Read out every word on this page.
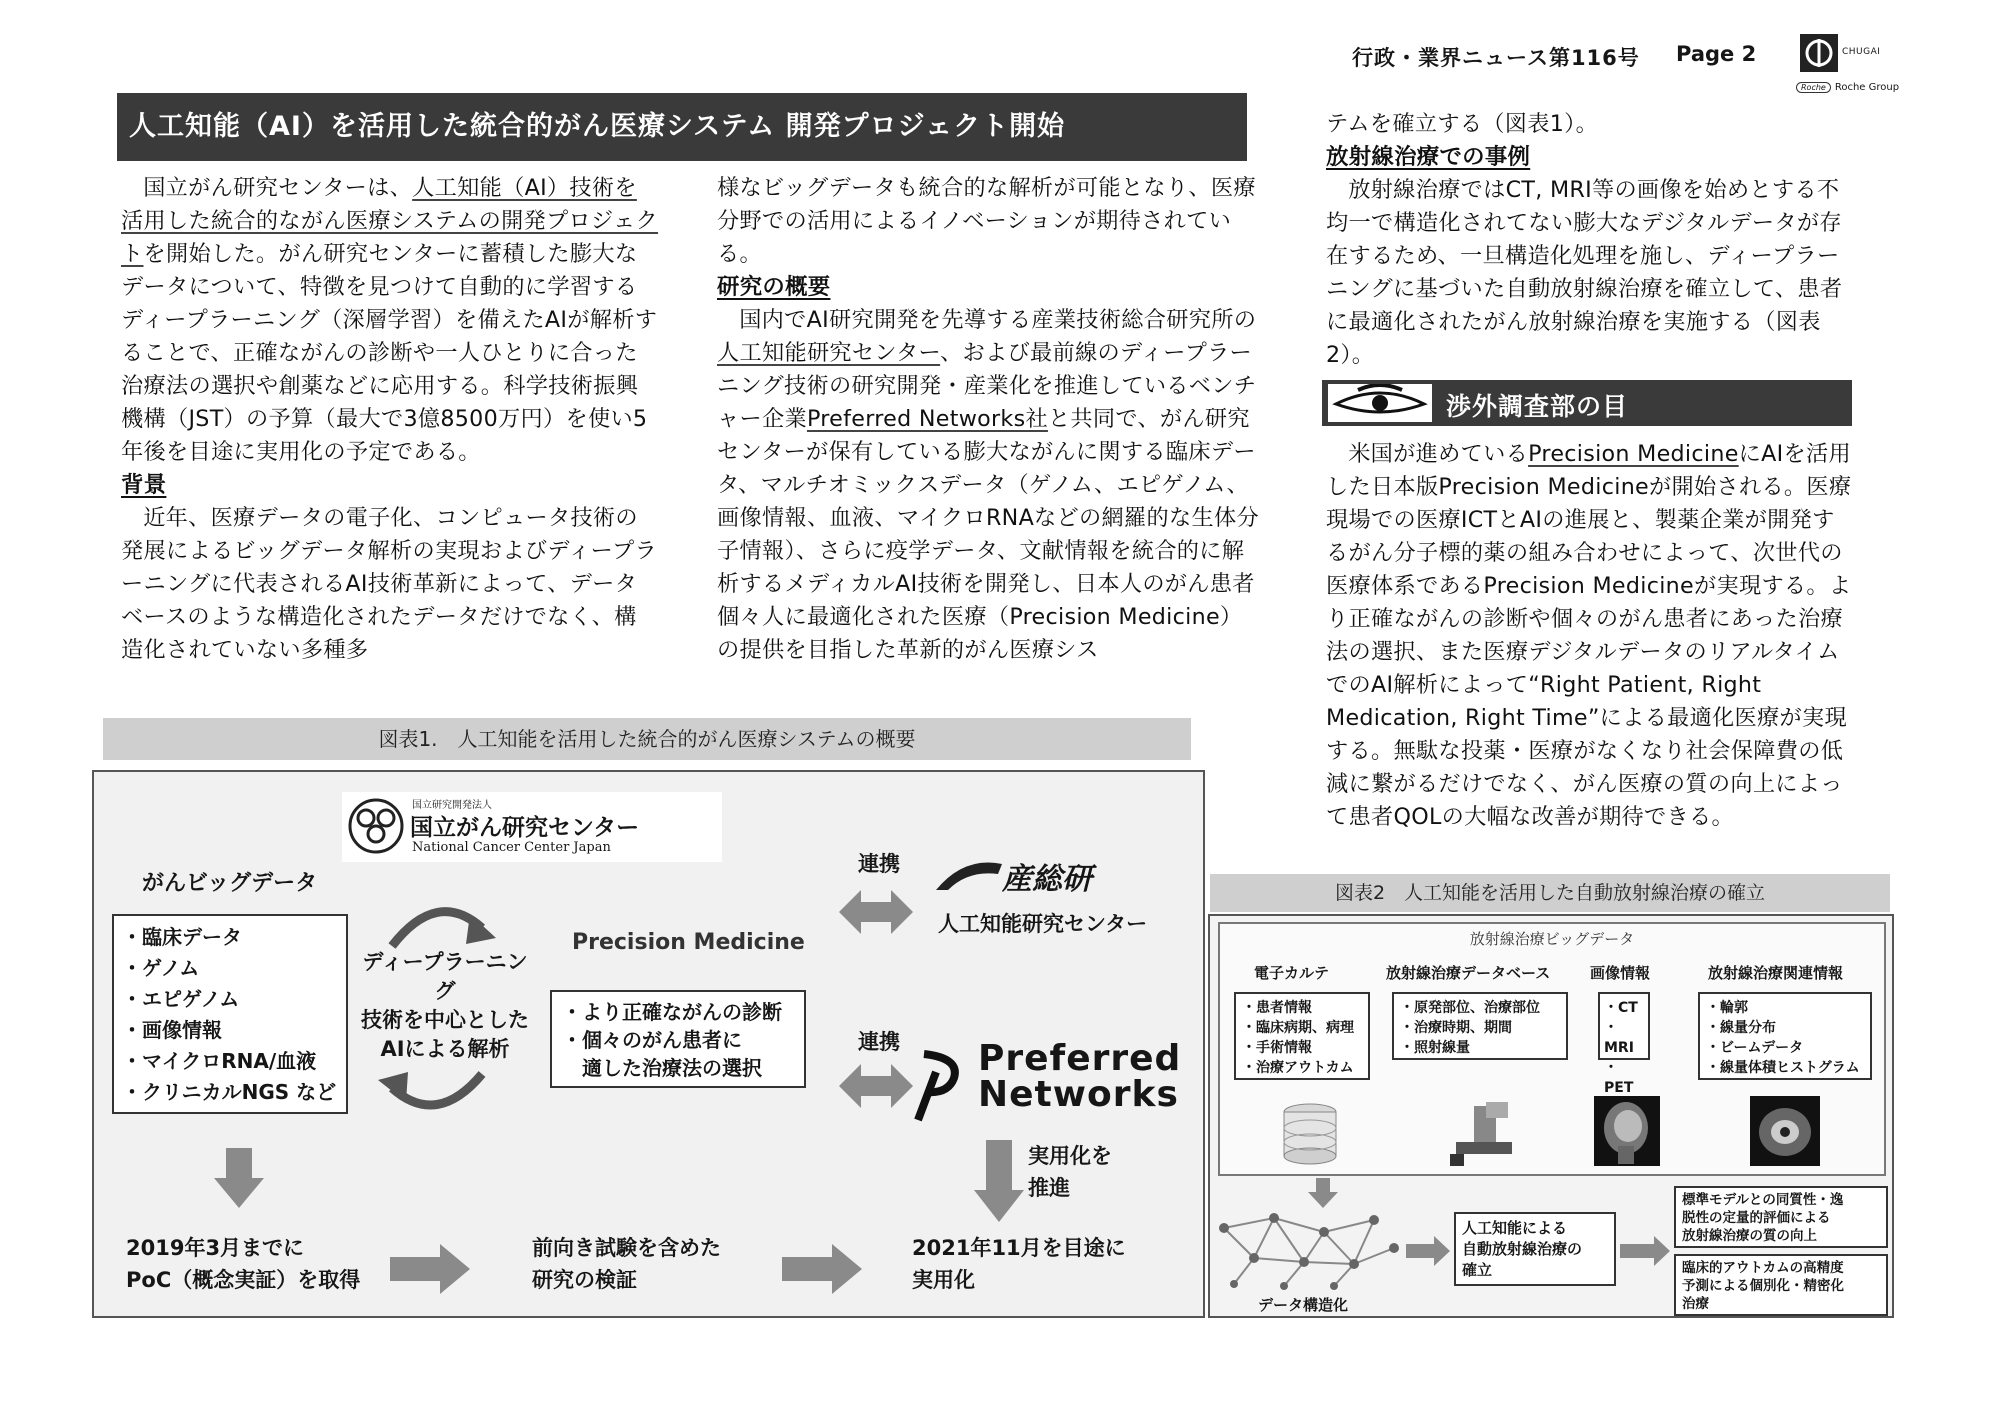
行政・業界ニュース第116号 Page 2	CHUGAI
Roche Roche Group
人工知能（AI）を活用した統合的がん医療システム 開発プロジェクト開始

国立がん研究センターは、人工知能（AI）技術を活用した統合的ながん医療システムの開発プロジェクトを開始した。がん研究センターに蓄積した膨大なデータについて、特徴を見つけて自動的に学習するディープラーニング（深層学習）を備えたAIが解析することで、正確ながんの診断や一人ひとりに合った治療法の選択や創薬などに応用する。科学技術振興機構（JST）の予算（最大で3億8500万円）を使い5年後を目途に実用化の予定である。

背景

近年、医療データの電子化、コンピュータ技術の発展によるビッグデータ解析の実現およびディープラーニングに代表されるAI技術革新によって、データベースのような構造化されたデータだけでなく、構造化されていない多種多

様なビッグデータも統合的な解析が可能となり、医療分野での活用によるイノベーションが期待されている。
研究の概要

国内でAI研究開発を先導する産業技術総合研究所の人工知能研究センター、および最前線のディープラーニング技術の研究開発・産業化を推進しているベンチャー企業Preferred Networks社と共同で、がん研究センターが保有している膨大ながんに関する臨床データ、マルチオミックスデータ（ゲノム、エピゲノム、画像情報、血液、マイクロRNAなどの網羅的な生体分子情報）、さらに疫学データ、文献情報を統合的に解析するメディカルAI技術を開発し、日本人のがん患者個々人に最適化された医療（Precision Medicine）の提供を目指した革新的がん医療シス

テムを確立する（図表1）。
放射線治療での事例

放射線治療ではCT, MRI等の画像を始めとする不均一で構造化されてない膨大なデジタルデータが存在するため、一旦構造化処理を施し、ディープラーニングに基づいた自動放射線治療を確立して、患者に最適化されたがん放射線治療を実施する（図表2）。

渉外調査部の目

米国が進めているPrecision MedicineにAIを活用した日本版Precision Medicineが開始される。医療現場での医療ICTとAIの進展と、製薬企業が開発するがん分子標的薬の組み合わせによって、次世代の医療体系であるPrecision Medicineが実現する。より正確ながんの診断や個々のがん患者にあった治療法の選択、また医療デジタルデータのリアルタイムでのAI解析によって“Right Patient, Right Medication, Right Time”による最適化医療が実現する。無駄な投薬・医療がなくなり社会保障費の低減に繋がるだけでなく、がん医療の質の向上によって患者QOLの大幅な改善が期待できる。

図表1.　人工知能を活用した統合的がん医療システムの概要
国立研究開発法人
国立がん研究センター
National Cancer Center Japan
がんビッグデータ
・臨床データ
・ゲノム
・エピゲノム
・画像情報
・マイクロRNA/血液
・クリニカルNGS など
ディープラーニング
技術を中心とした
AIによる解析
Precision Medicine
・より正確ながんの診断
・個々のがん患者に
　適した治療法の選択
連携
連携
産総研
人工知能研究センター
Preferred
Networks
実用化を
推進
2019年3月までに
PoC（概念実証）を取得
前向き試験を含めた
研究の検証
2021年11月を目途に
実用化
図表2　人工知能を活用した自動放射線治療の確立
放射線治療ビッグデータ
電子カルテ	放射線治療データベース	画像情報	放射線治療関連情報
・患者情報
・臨床病期、病理
・手術情報
・治療アウトカム
・原発部位、治療部位
・治療時期、期間
・照射線量
・CT
・MRI
・PET
・輪郭
・線量分布
・ビームデータ
・線量体積ヒストグラム
データ構造化
人工知能による
自動放射線治療の
確立
標準モデルとの同質性・逸
脱性の定量的評価による
放射線治療の質の向上
臨床的アウトカムの高精度
予測による個別化・精密化
治療
